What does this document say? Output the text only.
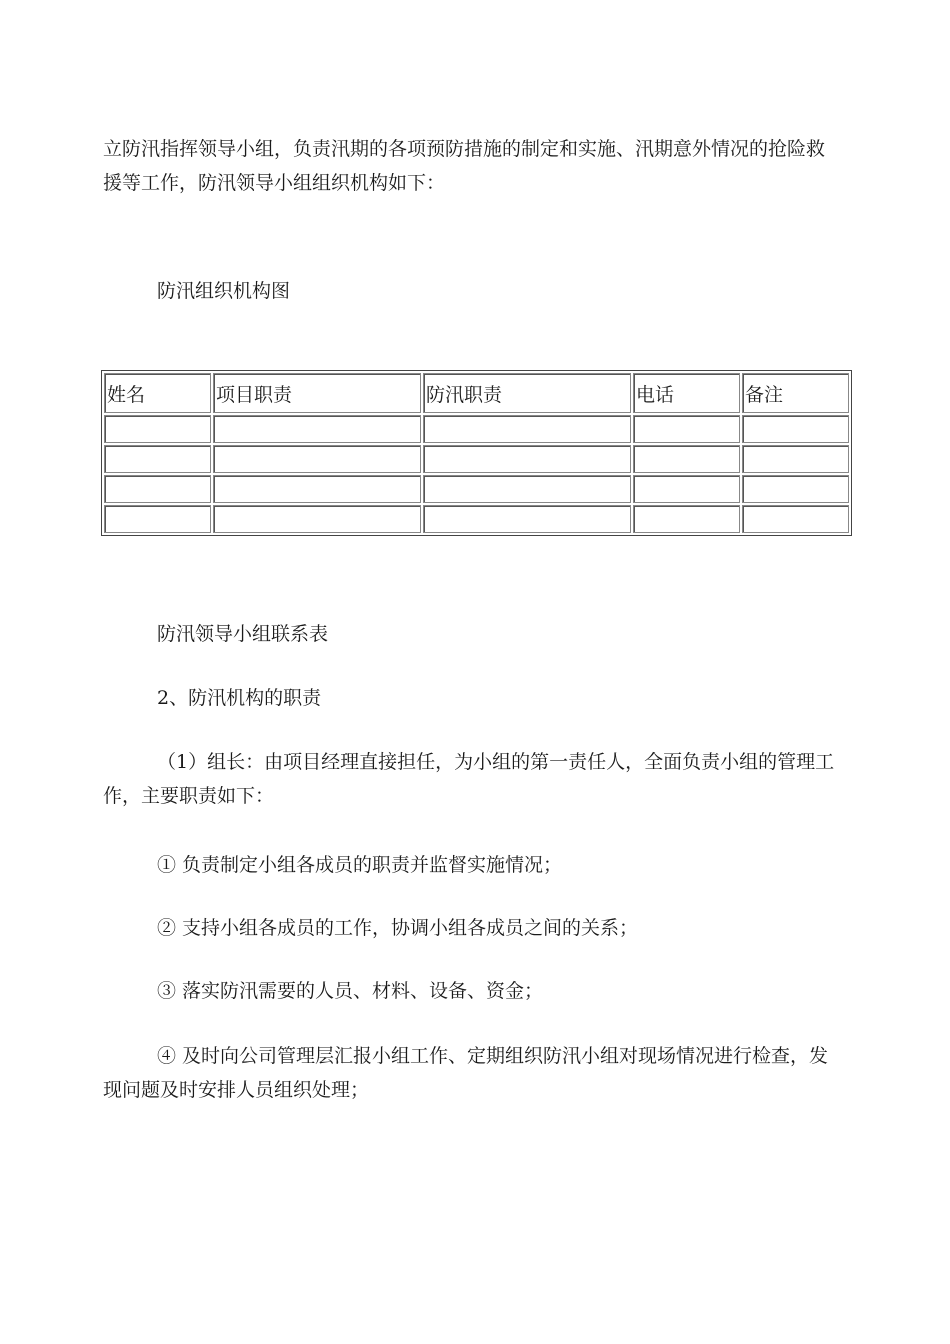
立防汛指挥领导小组，负责汛期的各项预防措施的制定和实施、汛期意外情况的抢险救援等工作，防汛领导小组组织机构如下：

防汛组织机构图

姓名	项目职责	防汛职责	电话	备注

防汛领导小组联系表

2、防汛机构的职责

（1）组长：由项目经理直接担任，为小组的第一责任人，全面负责小组的管理工作，主要职责如下：

① 负责制定小组各成员的职责并监督实施情况；

② 支持小组各成员的工作，协调小组各成员之间的关系；

③ 落实防汛需要的人员、材料、设备、资金；

④ 及时向公司管理层汇报小组工作、定期组织防汛小组对现场情况进行检查，发现问题及时安排人员组织处理；
